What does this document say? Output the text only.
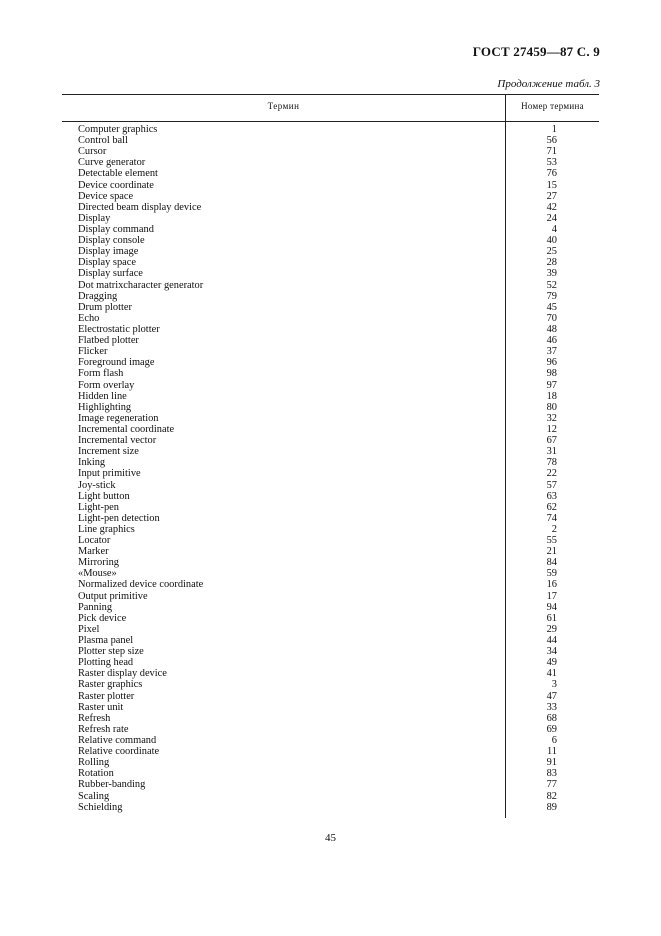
ГОСТ 27459—87 С. 9
Продолжение табл. 3
Термин	Номер термина
Computer graphics	1
Control ball	56
Cursor	71
Curve generator	53
Detectable element	76
Device coordinate	15
Device space	27
Directed beam display device	42
Display	24
Display command	4
Display console	40
Display image	25
Display space	28
Display surface	39
Dot matrixcharacter generator	52
Dragging	79
Drum plotter	45
Echo	70
Electrostatic plotter	48
Flatbed plotter	46
Flicker	37
Foreground image	96
Form flash	98
Form overlay	97
Hidden line	18
Highlighting	80
Image regeneration	32
Incremental coordinate	12
Incremental vector	67
Increment size	31
Inking	78
Input primitive	22
Joy-stick	57
Light button	63
Light-pen	62
Light-pen detection	74
Line graphics	2
Locator	55
Marker	21
Mirroring	84
«Mouse»	59
Normalized device coordinate	16
Output primitive	17
Panning	94
Pick device	61
Pixel	29
Plasma panel	44
Plotter step size	34
Plotting head	49
Raster display device	41
Raster graphics	3
Raster plotter	47
Raster unit	33
Refresh	68
Refresh rate	69
Relative command	6
Relative coordinate	11
Rolling	91
Rotation	83
Rubber-banding	77
Scaling	82
Schielding	89
45
